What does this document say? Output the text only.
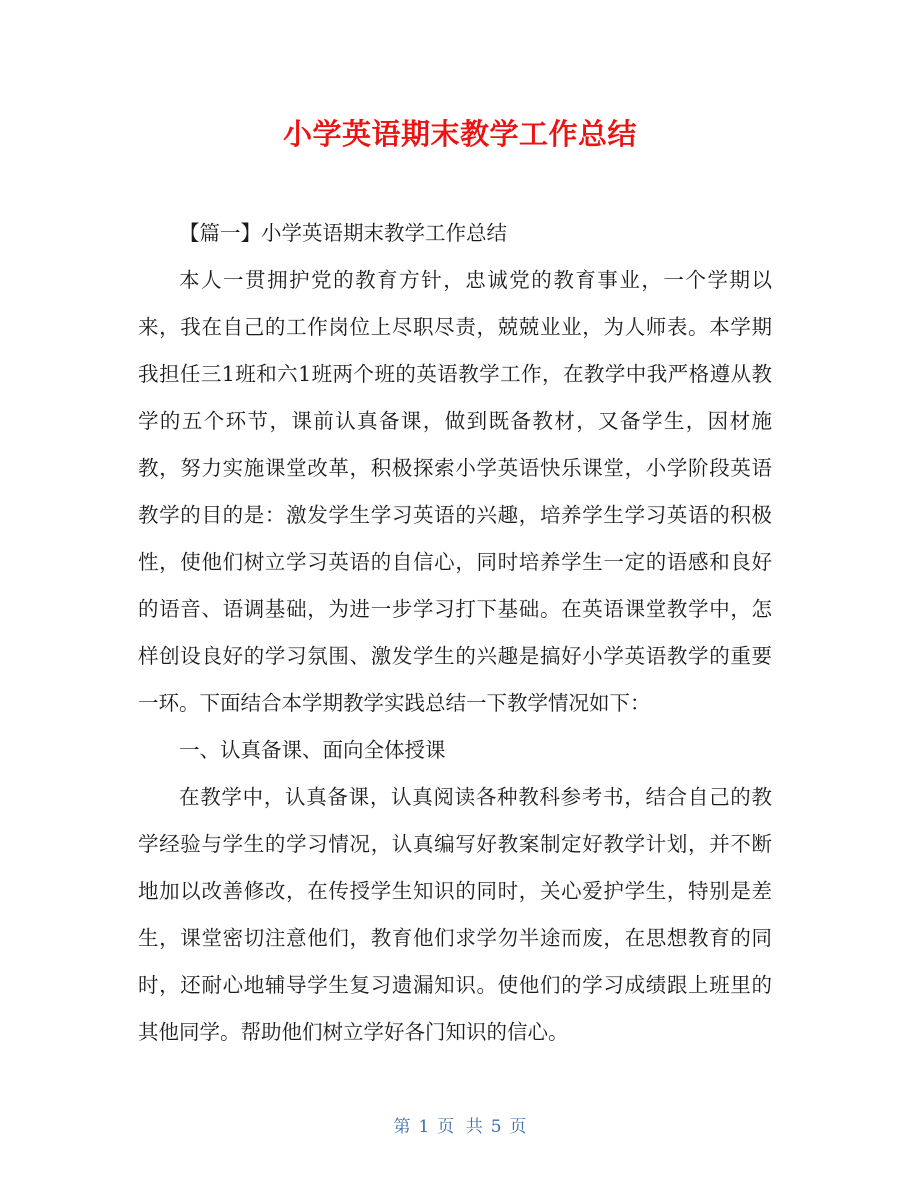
小学英语期末教学工作总结

【篇一】小学英语期末教学工作总结

本人一贯拥护党的教育方针，忠诚党的教育事业，一个学期以来，我在自己的工作岗位上尽职尽责，兢兢业业，为人师表。本学期我担任三1班和六1班两个班的英语教学工作，在教学中我严格遵从教学的五个环节，课前认真备课，做到既备教材，又备学生，因材施教，努力实施课堂改革，积极探索小学英语快乐课堂，小学阶段英语教学的目的是：激发学生学习英语的兴趣，培养学生学习英语的积极性，使他们树立学习英语的自信心，同时培养学生一定的语感和良好的语音、语调基础，为进一步学习打下基础。在英语课堂教学中，怎样创设良好的学习氛围、激发学生的兴趣是搞好小学英语教学的重要一环。下面结合本学期教学实践总结一下教学情况如下：

一、认真备课、面向全体授课

在教学中，认真备课，认真阅读各种教科参考书，结合自己的教学经验与学生的学习情况，认真编写好教案制定好教学计划，并不断地加以改善修改，在传授学生知识的同时，关心爱护学生，特别是差生，课堂密切注意他们，教育他们求学勿半途而废，在思想教育的同时，还耐心地辅导学生复习遗漏知识。使他们的学习成绩跟上班里的其他同学。帮助他们树立学好各门知识的信心。

第 1 页 共 5 页
